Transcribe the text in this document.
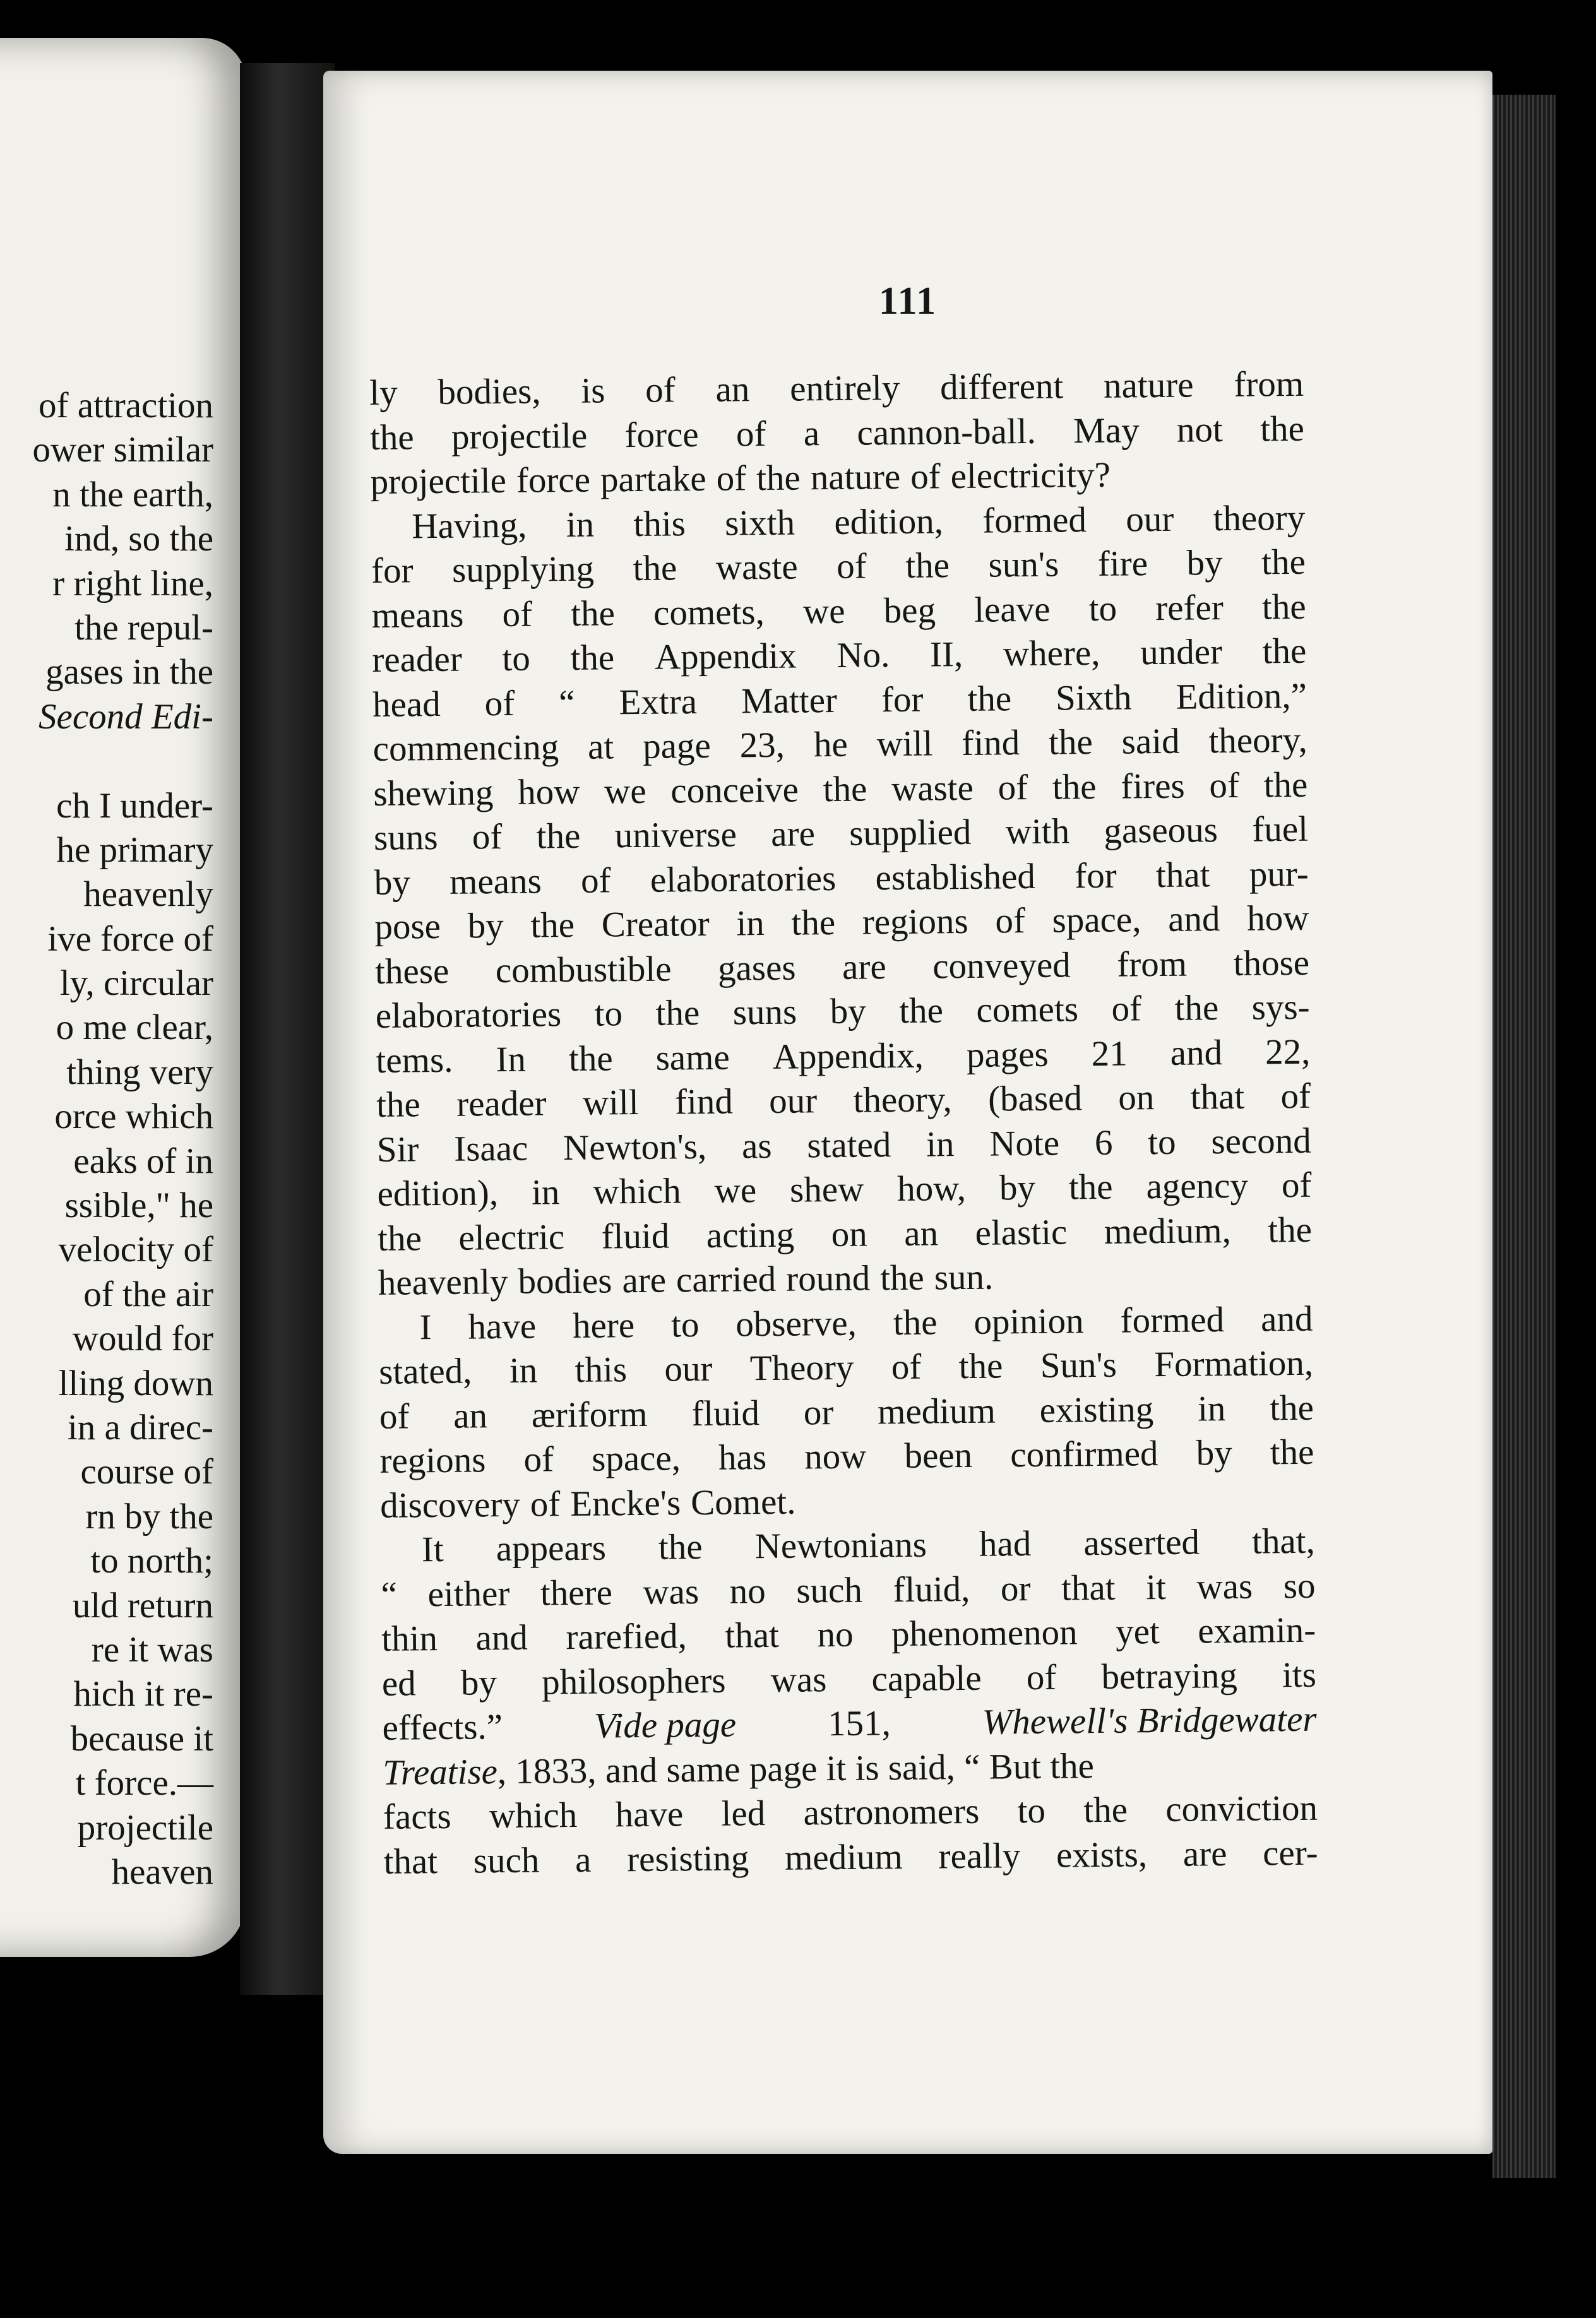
of attraction
ower similar
n the earth,
ind, so the
r right line,
the repul-
gases in the
Second Edi-
ch I under-
he primary
heavenly
ive force of
ly, circular
o me clear,
thing very
orce which
eaks of in
ssible," he
velocity of
of the air
would for
lling down
in a direc-
course of
rn by the
to north;
uld return
re it was
hich it re-
because it
t force.—
projectile
heaven
111
ly bodies, is of an entirely different nature from
the projectile force of a cannon-ball. May not the
projectile force partake of the nature of electricity?
Having, in this sixth edition, formed our theory
for supplying the waste of the sun's fire by the
means of the comets, we beg leave to refer the
reader to the Appendix No. II, where, under the
head of “ Extra Matter for the Sixth Edition,”
commencing at page 23, he will find the said theory,
shewing how we conceive the waste of the fires of the
suns of the universe are supplied with gaseous fuel
by means of elaboratories established for that pur-
pose by the Creator in the regions of space, and how
these combustible gases are conveyed from those
elaboratories to the suns by the comets of the sys-
tems. In the same Appendix, pages 21 and 22,
the reader will find our theory, (based on that of
Sir Isaac Newton's, as stated in Note 6 to second
edition), in which we shew how, by the agency of
the electric fluid acting on an elastic medium, the
heavenly bodies are carried round the sun.
I have here to observe, the opinion formed and
stated, in this our Theory of the Sun's Formation,
of an æriform fluid or medium existing in the
regions of space, has now been confirmed by the
discovery of Encke's Comet.
It appears the Newtonians had asserted that,
“ either there was no such fluid, or that it was so
thin and rarefied, that no phenomenon yet examin-
ed by philosophers was capable of betraying its
effects.”	Vide page	151,	Whewell's Bridgewater
Treatise, 1833, and same page it is said, “ But the
facts which have led astronomers to the conviction
that such a resisting medium really exists, are cer-
